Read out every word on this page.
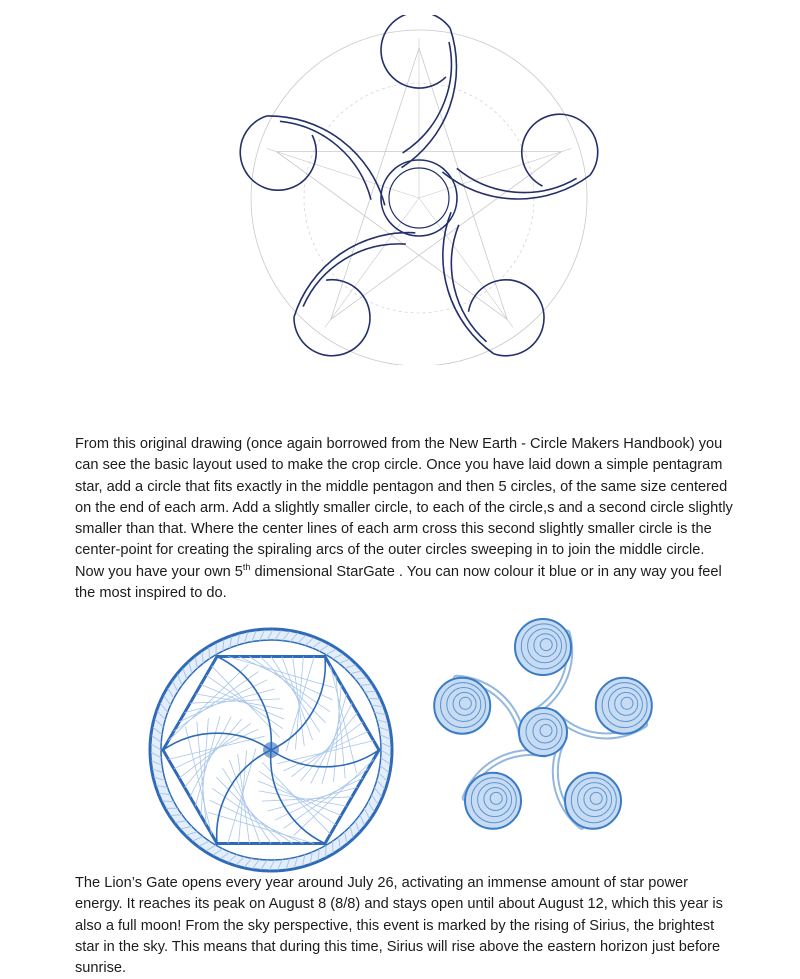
From this original drawing (once again borrowed from the New Earth - Circle Makers Handbook) you can see the basic layout used to make the crop circle. Once you have laid down a simple pentagram star, add a circle that fits exactly in the middle pentagon and then 5 circles, of the same size centered on the end of each arm. Add a slightly smaller circle, to each of the circle,s and a second circle slightly smaller than that. Where the center lines of each arm cross this second slightly smaller circle is the center-point for creating the spiraling arcs of the outer circles sweeping in to join the middle circle. Now you have your own 5th dimensional StarGate . You can now colour it blue or in any way you feel the most inspired to do.

The Lion’s Gate opens every year around July 26, activating an immense amount of star power energy. It reaches its peak on August 8 (8/8) and stays open until about August 12, which this year is also a full moon! From the sky perspective, this event is marked by the rising of Sirius, the brightest star in the sky. This means that during this time, Sirius will rise above the eastern horizon just before sunrise.
